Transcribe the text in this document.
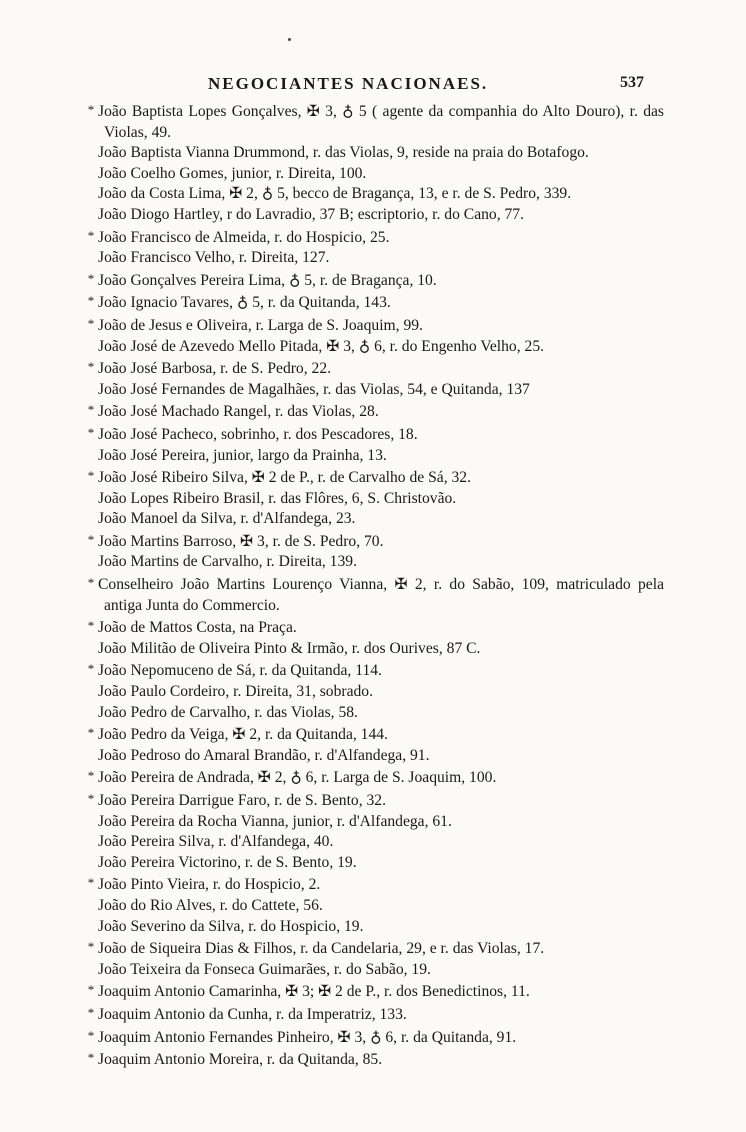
NEGOCIANTES NACIONAES.	537
* João Baptista Lopes Gonçalves, ✠ 3, ♁ 5 ( agente da companhia do Alto Douro), r. das Violas, 49.
João Baptista Vianna Drummond, r. das Violas, 9, reside na praia do Botafogo.
João Coelho Gomes, junior, r. Direita, 100.
João da Costa Lima, ✠ 2, ♁ 5, becco de Bragança, 13, e r. de S. Pedro, 339.
João Diogo Hartley, r do Lavradio, 37 B; escriptorio, r. do Cano, 77.
* João Francisco de Almeida, r. do Hospicio, 25.
João Francisco Velho, r. Direita, 127.
* João Gonçalves Pereira Lima, ♁ 5, r. de Bragança, 10.
* João Ignacio Tavares, ♁ 5, r. da Quitanda, 143.
* João de Jesus e Oliveira, r. Larga de S. Joaquim, 99.
João José de Azevedo Mello Pitada, ✠ 3, ♁ 6, r. do Engenho Velho, 25.
* João José Barbosa, r. de S. Pedro, 22.
João José Fernandes de Magalhães, r. das Violas, 54, e Quitanda, 137
* João José Machado Rangel, r. das Violas, 28.
* João José Pacheco, sobrinho, r. dos Pescadores, 18.
João José Pereira, junior, largo da Prainha, 13.
* João José Ribeiro Silva, ✠ 2 de P., r. de Carvalho de Sá, 32.
João Lopes Ribeiro Brasil, r. das Flôres, 6, S. Christovão.
João Manoel da Silva, r. d'Alfandega, 23.
* João Martins Barroso, ✠ 3, r. de S. Pedro, 70.
João Martins de Carvalho, r. Direita, 139.
* Conselheiro João Martins Lourenço Vianna, ✠ 2, r. do Sabão, 109, matriculado pela antiga Junta do Commercio.
* João de Mattos Costa, na Praça.
João Militão de Oliveira Pinto & Irmão, r. dos Ourives, 87 C.
* João Nepomuceno de Sá, r. da Quitanda, 114.
João Paulo Cordeiro, r. Direita, 31, sobrado.
João Pedro de Carvalho, r. das Violas, 58.
* João Pedro da Veiga, ✠ 2, r. da Quitanda, 144.
João Pedroso do Amaral Brandão, r. d'Alfandega, 91.
* João Pereira de Andrada, ✠ 2, ♁ 6, r. Larga de S. Joaquim, 100.
* João Pereira Darrigue Faro, r. de S. Bento, 32.
João Pereira da Rocha Vianna, junior, r. d'Alfandega, 61.
João Pereira Silva, r. d'Alfandega, 40.
João Pereira Victorino, r. de S. Bento, 19.
* João Pinto Vieira, r. do Hospicio, 2.
João do Rio Alves, r. do Cattete, 56.
João Severino da Silva, r. do Hospicio, 19.
* João de Siqueira Dias & Filhos, r. da Candelaria, 29, e r. das Violas, 17.
João Teixeira da Fonseca Guimarães, r. do Sabão, 19.
* Joaquim Antonio Camarinha, ✠ 3; ✠ 2 de P., r. dos Benedictinos, 11.
* Joaquim Antonio da Cunha, r. da Imperatriz, 133.
* Joaquim Antonio Fernandes Pinheiro, ✠ 3, ♁ 6, r. da Quitanda, 91.
* Joaquim Antonio Moreira, r. da Quitanda, 85.
